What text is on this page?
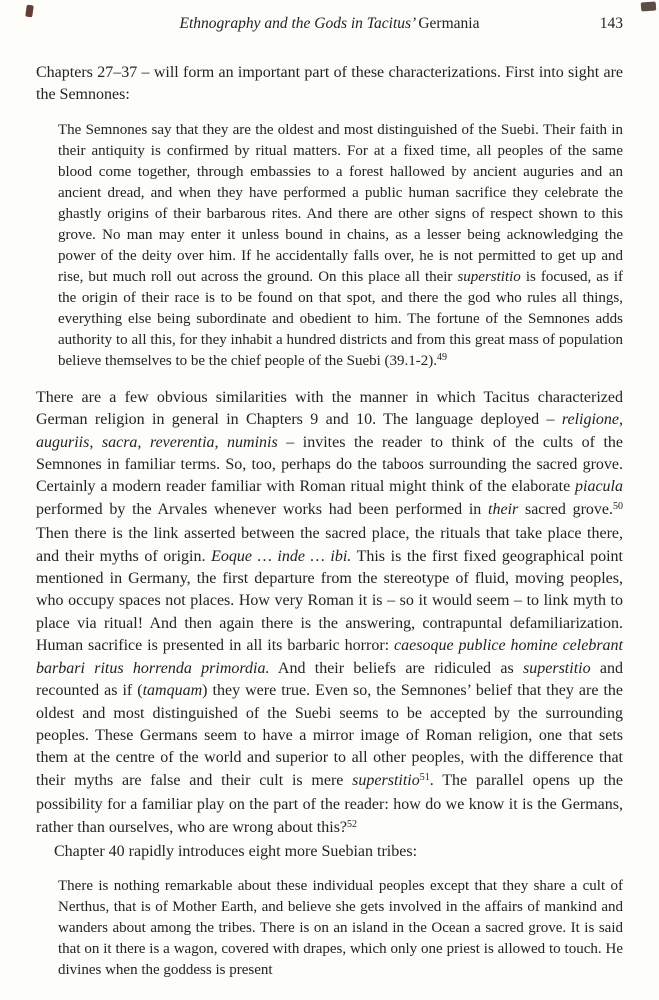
Ethnography and the Gods in Tacitus’ Germania	143

Chapters 27–37 – will form an important part of these characterizations. First into sight are the Semnones:

The Semnones say that they are the oldest and most distinguished of the Suebi. Their faith in their antiquity is confirmed by ritual matters. For at a fixed time, all peoples of the same blood come together, through embassies to a forest hallowed by ancient auguries and an ancient dread, and when they have performed a public human sacrifice they celebrate the ghastly origins of their barbarous rites. And there are other signs of respect shown to this grove. No man may enter it unless bound in chains, as a lesser being acknowledging the power of the deity over him. If he accidentally falls over, he is not permitted to get up and rise, but much roll out across the ground. On this place all their superstitio is focused, as if the origin of their race is to be found on that spot, and there the god who rules all things, everything else being subordinate and obedient to him. The fortune of the Semnones adds authority to all this, for they inhabit a hundred districts and from this great mass of population believe themselves to be the chief people of the Suebi (39.1-2).$^{49}$

There are a few obvious similarities with the manner in which Tacitus characterized German religion in general in Chapters 9 and 10. The language deployed – religione, auguriis, sacra, reverentia, numinis – invites the reader to think of the cults of the Semnones in familiar terms. So, too, perhaps do the taboos surrounding the sacred grove. Certainly a modern reader familiar with Roman ritual might think of the elaborate piacula performed by the Arvales whenever works had been performed in their sacred grove.$^{50}$ Then there is the link asserted between the sacred place, the rituals that take place there, and their myths of origin. Eoque … inde … ibi. This is the first fixed geographical point mentioned in Germany, the first departure from the stereotype of fluid, moving peoples, who occupy spaces not places. How very Roman it is – so it would seem – to link myth to place via ritual! And then again there is the answering, contrapuntal defamiliarization. Human sacrifice is presented in all its barbaric horror: caesoque publice homine celebrant barbari ritus horrenda primordia. And their beliefs are ridiculed as superstitio and recounted as if (tamquam) they were true. Even so, the Semnones’ belief that they are the oldest and most distinguished of the Suebi seems to be accepted by the surrounding peoples. These Germans seem to have a mirror image of Roman religion, one that sets them at the centre of the world and superior to all other peoples, with the difference that their myths are false and their cult is mere superstitio$^{51}$. The parallel opens up the possibility for a familiar play on the part of the reader: how do we know it is the Germans, rather than ourselves, who are wrong about this?$^{52}$

Chapter 40 rapidly introduces eight more Suebian tribes:

There is nothing remarkable about these individual peoples except that they share a cult of Nerthus, that is of Mother Earth, and believe she gets involved in the affairs of mankind and wanders about among the tribes. There is on an island in the Ocean a sacred grove. It is said that on it there is a wagon, covered with drapes, which only one priest is allowed to touch. He divines when the goddess is present
